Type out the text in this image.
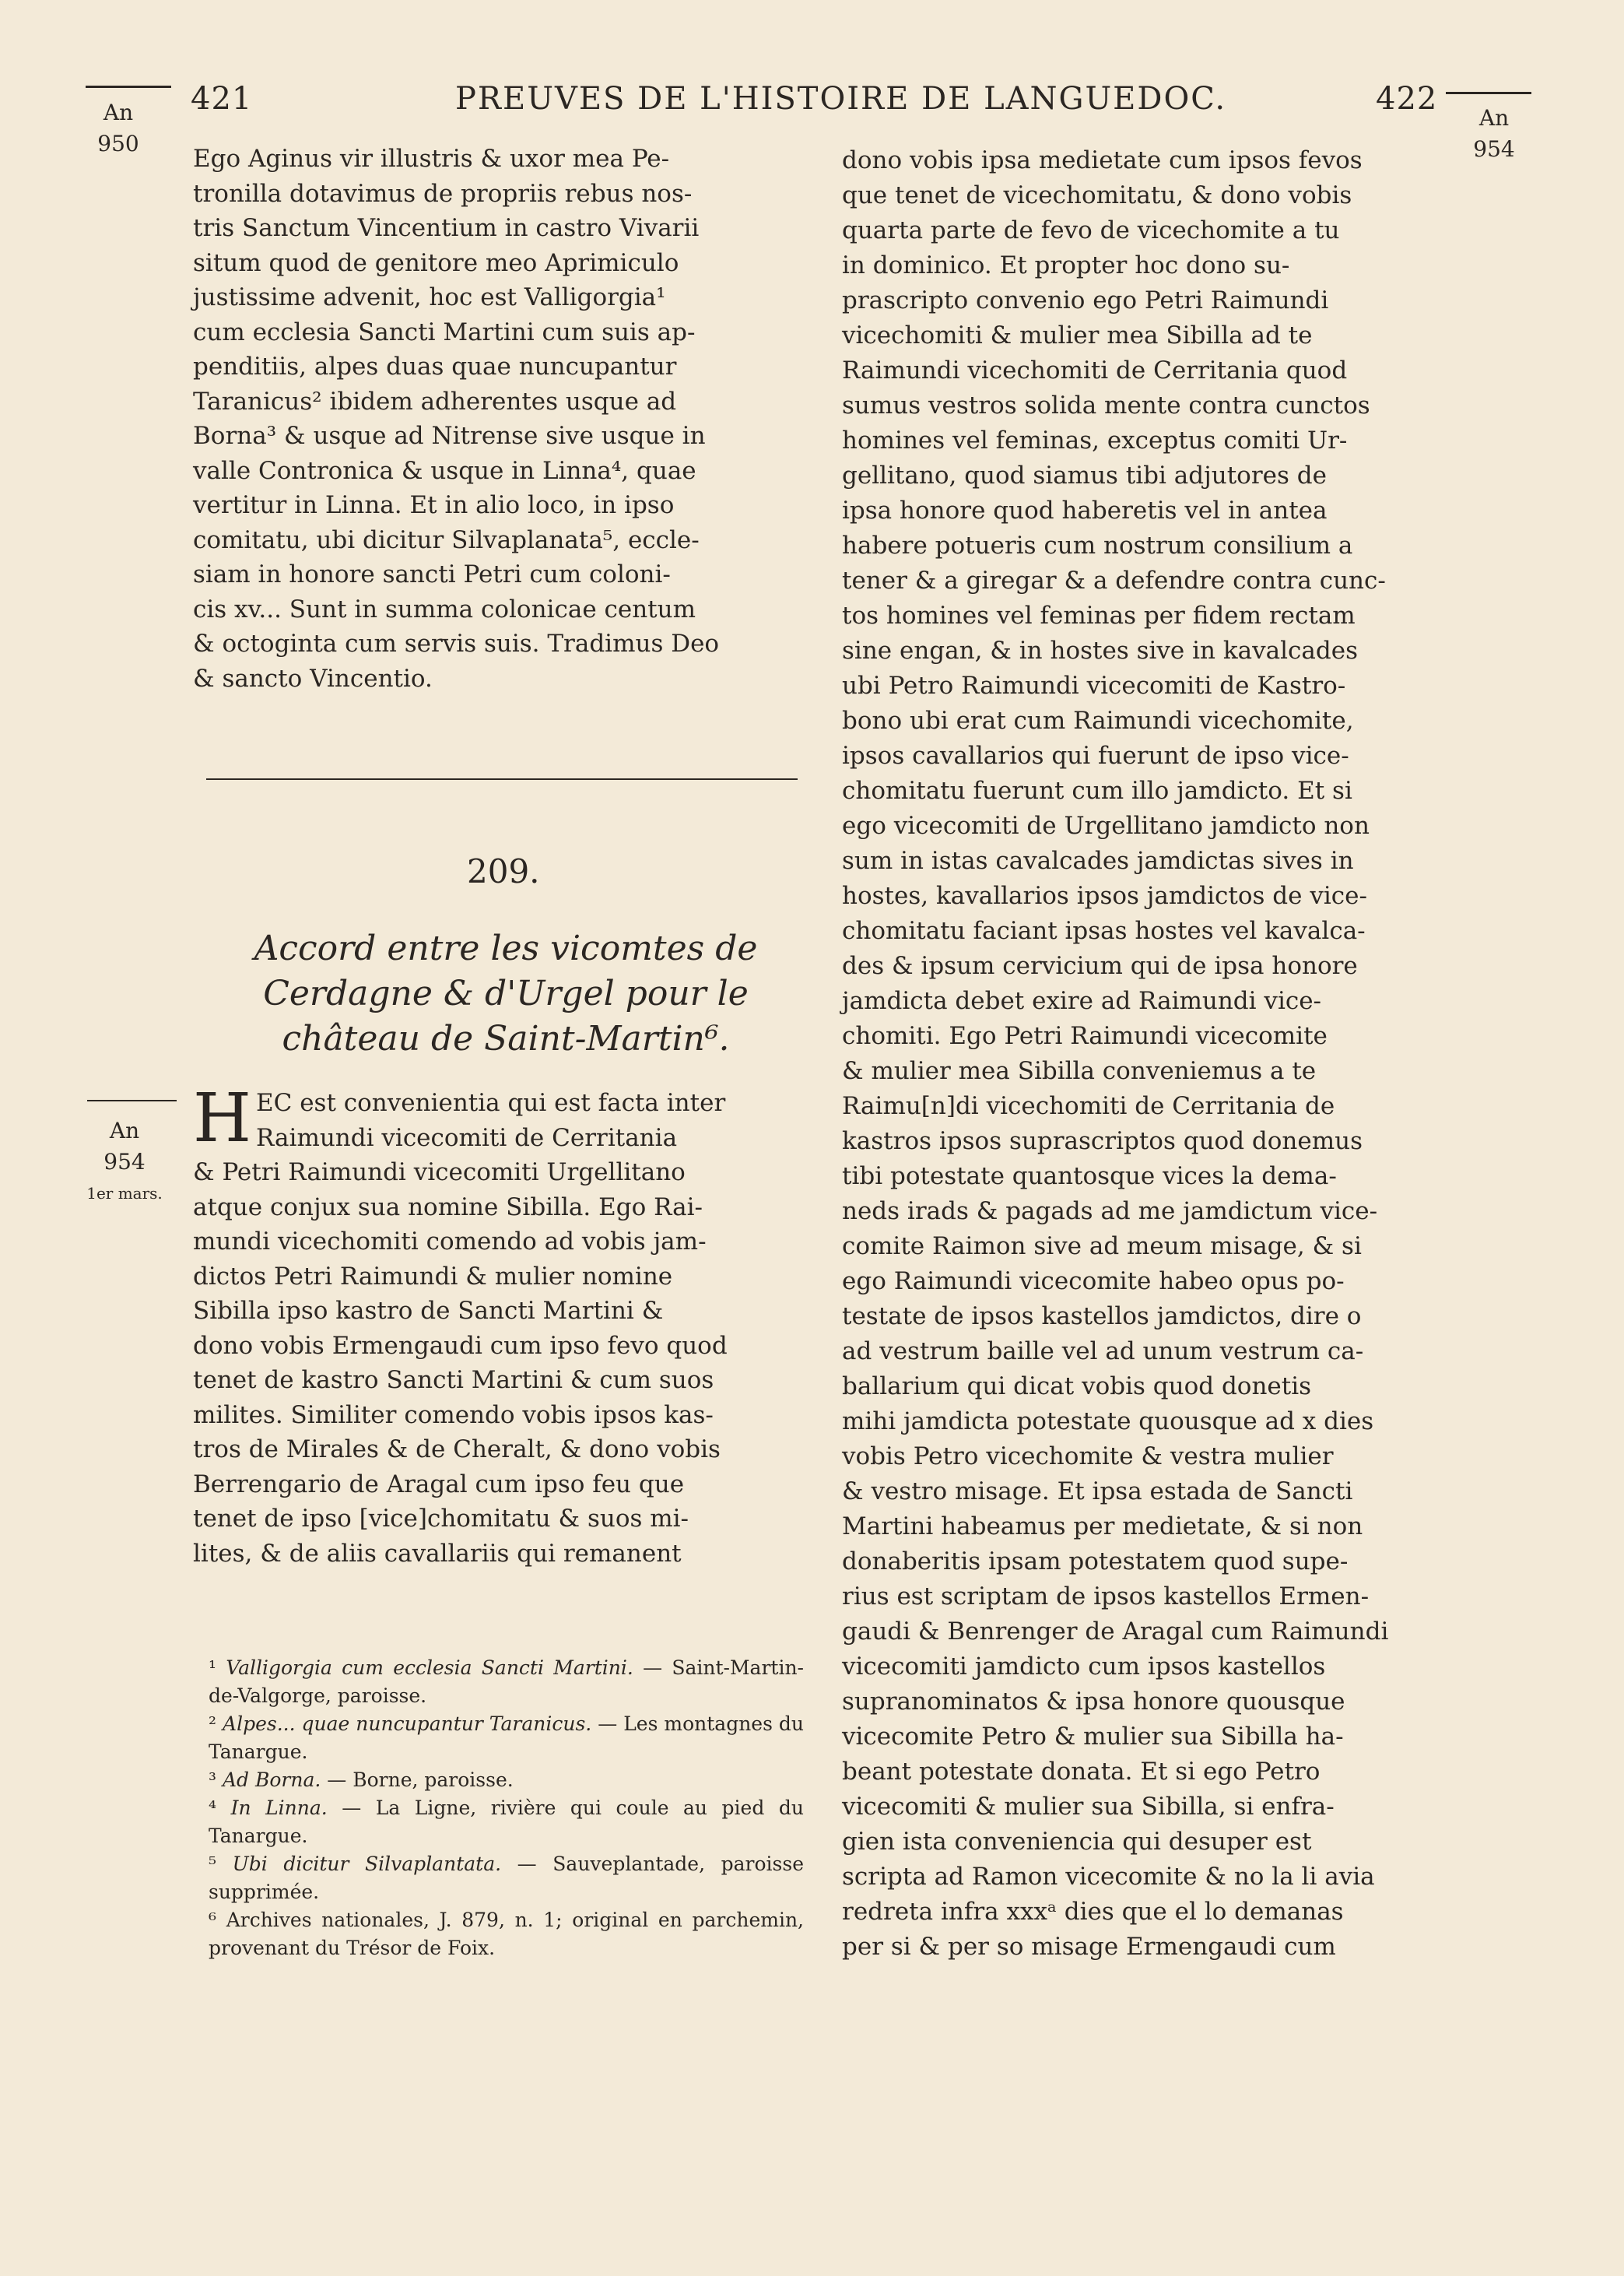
421	PREUVES DE L'HISTOIRE DE LANGUEDOC.	422
An
950
An
954
1er mars.
An
954
Ego Aginus vir illustris & uxor mea Pe-
tronilla dotavimus de propriis rebus nos-
tris Sanctum Vincentium in castro Vivarii
situm quod de genitore meo Aprimiculo
justissime advenit, hoc est Valligorgia¹
cum ecclesia Sancti Martini cum suis ap-
penditiis, alpes duas quae nuncupantur
Taranicus² ibidem adherentes usque ad
Borna³ & usque ad Nitrense sive usque in
valle Contronica & usque in Linna⁴, quae
vertitur in Linna. Et in alio loco, in ipso
comitatu, ubi dicitur Silvaplanata⁵, eccle-
siam in honore sancti Petri cum coloni-
cis xv... Sunt in summa colonicae centum
& octoginta cum servis suis. Tradimus Deo
& sancto Vincentio.
209.
Accord entre les vicomtes de Cerdagne & d'Urgel pour le château de Saint-Martin⁶.
H EC est convenientia qui est facta inter
Raimundi vicecomiti de Cerritania
& Petri Raimundi vicecomiti Urgellitano
atque conjux sua nomine Sibilla. Ego Rai-
mundi vicechomiti comendo ad vobis jam-
dictos Petri Raimundi & mulier nomine
Sibilla ipso kastro de Sancti Martini &
dono vobis Ermengaudi cum ipso fevo quod
tenet de kastro Sancti Martini & cum suos
milites. Similiter comendo vobis ipsos kas-
tros de Mirales & de Cheralt, & dono vobis
Berrengario de Aragal cum ipso feu que
tenet de ipso [vice]chomitatu & suos mi-
lites, & de aliis cavallariis qui remanent

¹ Valligorgia cum ecclesia Sancti Martini. — Saint-Martin-de-Valgorge, paroisse.

² Alpes... quae nuncupantur Taranicus. — Les montagnes du Tanargue.

³ Ad Borna. — Borne, paroisse.

⁴ In Linna. — La Ligne, rivière qui coule au pied du Tanargue.

⁵ Ubi dicitur Silvaplantata. — Sauveplantade, paroisse supprimée.

⁶ Archives nationales, J. 879, n. 1; original en parchemin, provenant du Trésor de Foix.

dono vobis ipsa medietate cum ipsos fevos
que tenet de vicechomitatu, & dono vobis
quarta parte de fevo de vicechomite a tu
in dominico. Et propter hoc dono su-
prascripto convenio ego Petri Raimundi
vicechomiti & mulier mea Sibilla ad te
Raimundi vicechomiti de Cerritania quod
sumus vestros solida mente contra cunctos
homines vel feminas, exceptus comiti Ur-
gellitano, quod siamus tibi adjutores de
ipsa honore quod haberetis vel in antea
habere potueris cum nostrum consilium a
tener & a giregar & a defendre contra cunc-
tos homines vel feminas per fidem rectam
sine engan, & in hostes sive in kavalcades
ubi Petro Raimundi vicecomiti de Kastro-
bono ubi erat cum Raimundi vicechomite,
ipsos cavallarios qui fuerunt de ipso vice-
chomitatu fuerunt cum illo jamdicto. Et si
ego vicecomiti de Urgellitano jamdicto non
sum in istas cavalcades jamdictas sives in
hostes, kavallarios ipsos jamdictos de vice-
chomitatu faciant ipsas hostes vel kavalca-
des & ipsum cervicium qui de ipsa honore
jamdicta debet exire ad Raimundi vice-
chomiti. Ego Petri Raimundi vicecomite
& mulier mea Sibilla conveniemus a te
Raimu[n]di vicechomiti de Cerritania de
kastros ipsos suprascriptos quod donemus
tibi potestate quantosque vices la dema-
neds irads & pagads ad me jamdictum vice-
comite Raimon sive ad meum misage, & si
ego Raimundi vicecomite habeo opus po-
testate de ipsos kastellos jamdictos, dire o
ad vestrum baille vel ad unum vestrum ca-
ballarium qui dicat vobis quod donetis
mihi jamdicta potestate quousque ad x dies
vobis Petro vicechomite & vestra mulier
& vestro misage. Et ipsa estada de Sancti
Martini habeamus per medietate, & si non
donaberitis ipsam potestatem quod supe-
rius est scriptam de ipsos kastellos Ermen-
gaudi & Benrenger de Aragal cum Raimundi
vicecomiti jamdicto cum ipsos kastellos
supranominatos & ipsa honore quousque
vicecomite Petro & mulier sua Sibilla ha-
beant potestate donata. Et si ego Petro
vicecomiti & mulier sua Sibilla, si enfra-
gien ista conveniencia qui desuper est
scripta ad Ramon vicecomite & no la li avia
redreta infra xxxᵃ dies que el lo demanas
per si & per so misage Ermengaudi cum
